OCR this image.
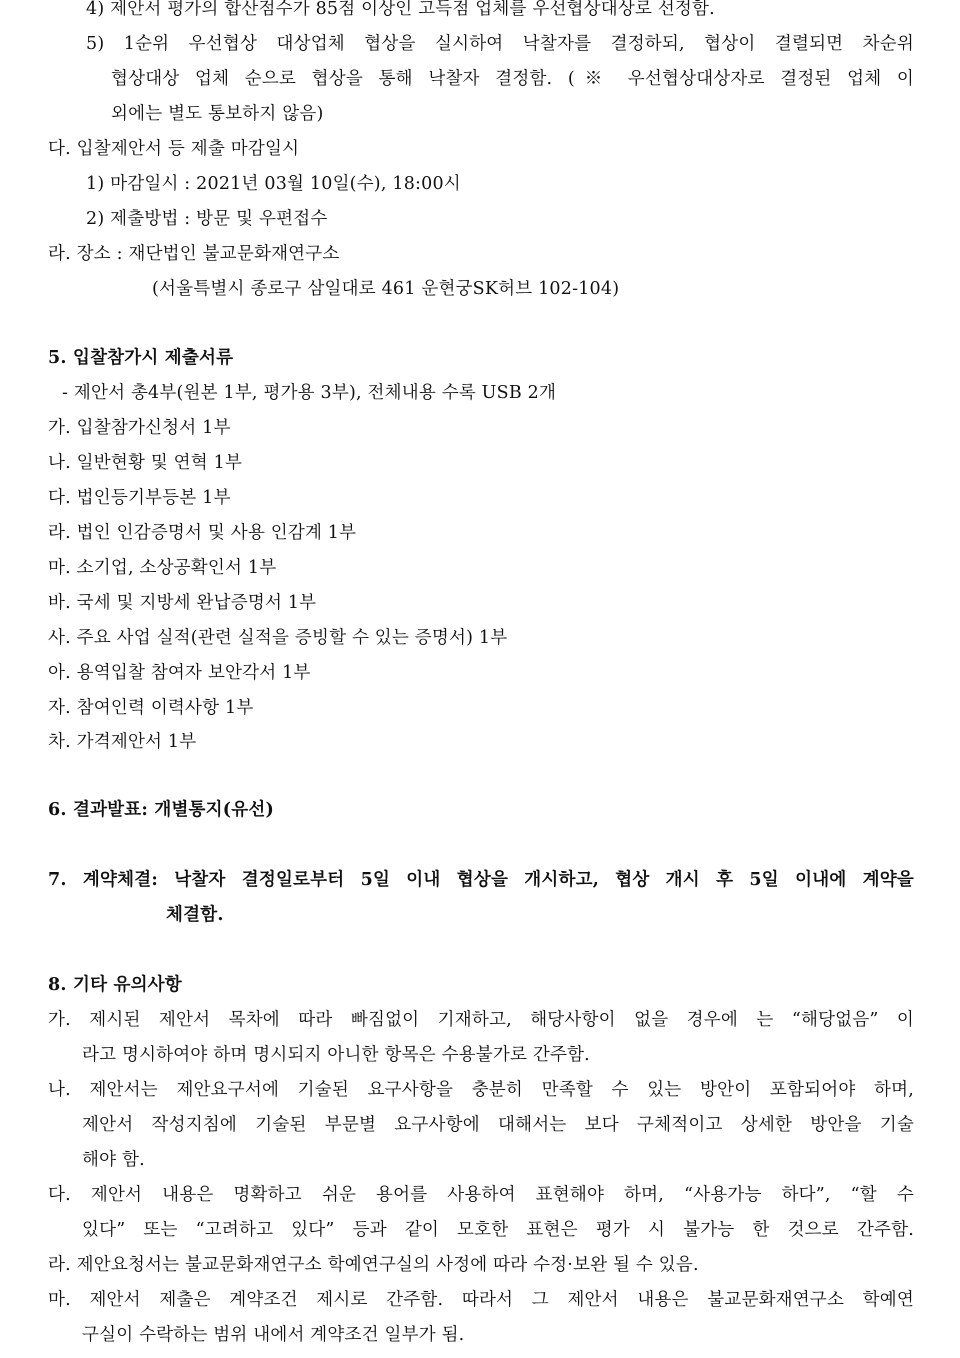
4) 제안서 평가의 합산점수가 85점 이상인 고득점 업체를 우선협상대상로 선정함.
5) 1순위 우선협상 대상업체 협상을 실시하여 낙찰자를 결정하되, 협상이 결렬되면 차순위
협상대상 업체 순으로 협상을 통해 낙찰자 결정함. (※ 우선협상대상자로 결정된 업체 이
외에는 별도 통보하지 않음)
다. 입찰제안서 등 제출 마감일시
1) 마감일시 : 2021년 03월 10일(수), 18:00시
2) 제출방법 : 방문 및 우편접수
라. 장소 : 재단법인 불교문화재연구소
(서울특별시 종로구 삼일대로 461 운현궁SK허브 102-104)
5. 입찰참가시 제출서류
- 제안서 총4부(원본 1부, 평가용 3부), 전체내용 수록 USB 2개
가. 입찰참가신청서 1부
나. 일반현황 및 연혁 1부
다. 법인등기부등본 1부
라. 법인 인감증명서 및 사용 인감계 1부
마. 소기업, 소상공확인서 1부
바. 국세 및 지방세 완납증명서 1부
사. 주요 사업 실적(관련 실적을 증빙할 수 있는 증명서) 1부
아. 용역입찰 참여자 보안각서 1부
자. 참여인력 이력사항 1부
차. 가격제안서 1부
6. 결과발표: 개별통지(유선)
7. 계약체결: 낙찰자 결정일로부터 5일 이내 협상을 개시하고, 협상 개시 후 5일 이내에 계약을
체결함.
8. 기타 유의사항
가. 제시된 제안서 목차에 따라 빠짐없이 기재하고, 해당사항이 없을 경우에 는 “해당없음” 이
라고 명시하여야 하며 명시되지 아니한 항목은 수용불가로 간주함.
나. 제안서는 제안요구서에 기술된 요구사항을 충분히 만족할 수 있는 방안이 포함되어야 하며,
제안서 작성지침에 기술된 부문별 요구사항에 대해서는 보다 구체적이고 상세한 방안을 기술
해야 함.
다. 제안서 내용은 명확하고 쉬운 용어를 사용하여 표현해야 하며, “사용가능 하다”, “할 수
있다” 또는 “고려하고 있다” 등과 같이 모호한 표현은 평가 시 불가능 한 것으로 간주함.
라. 제안요청서는 불교문화재연구소 학예연구실의 사정에 따라 수정·보완 될 수 있음.
마. 제안서 제출은 계약조건 제시로 간주함. 따라서 그 제안서 내용은 불교문화재연구소 학예연
구실이 수락하는 범위 내에서 계약조건 일부가 됨.
